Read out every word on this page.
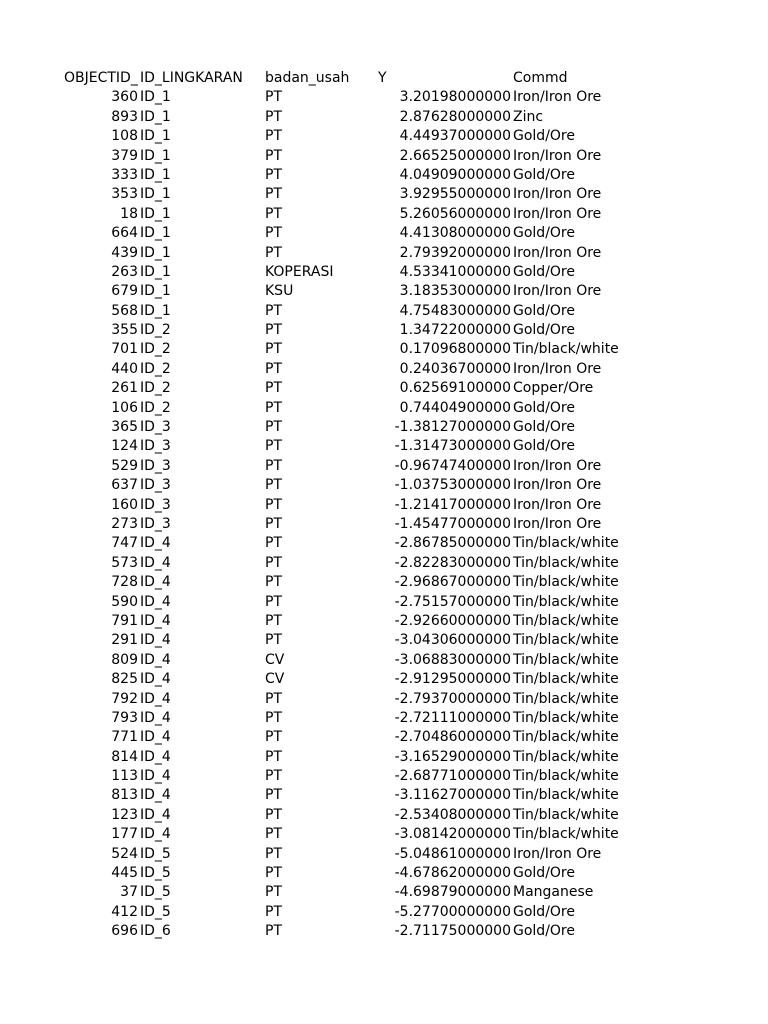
OBJECTID_ ID_LINGKARAN badan_usah Y	Commd
360 ID_1	PT	3.20198000000 Iron/Iron Ore
893 ID_1	PT	2.87628000000 Zinc
108 ID_1	PT	4.44937000000 Gold/Ore
379 ID_1	PT	2.66525000000 Iron/Iron Ore
333 ID_1	PT	4.04909000000 Gold/Ore
353 ID_1	PT	3.92955000000 Iron/Iron Ore
18 ID_1	PT	5.26056000000 Iron/Iron Ore
664 ID_1	PT	4.41308000000 Gold/Ore
439 ID_1	PT	2.79392000000 Iron/Iron Ore
263 ID_1	KOPERASI	4.53341000000 Gold/Ore
679 ID_1	KSU	3.18353000000 Iron/Iron Ore
568 ID_1	PT	4.75483000000 Gold/Ore
355 ID_2	PT	1.34722000000 Gold/Ore
701 ID_2	PT	0.17096800000 Tin/black/white
440 ID_2	PT	0.24036700000 Iron/Iron Ore
261 ID_2	PT	0.62569100000 Copper/Ore
106 ID_2	PT	0.74404900000 Gold/Ore
365 ID_3	PT	-1.38127000000 Gold/Ore
124 ID_3	PT	-1.31473000000 Gold/Ore
529 ID_3	PT	-0.96747400000 Iron/Iron Ore
637 ID_3	PT	-1.03753000000 Iron/Iron Ore
160 ID_3	PT	-1.21417000000 Iron/Iron Ore
273 ID_3	PT	-1.45477000000 Iron/Iron Ore
747 ID_4	PT	-2.86785000000 Tin/black/white
573 ID_4	PT	-2.82283000000 Tin/black/white
728 ID_4	PT	-2.96867000000 Tin/black/white
590 ID_4	PT	-2.75157000000 Tin/black/white
791 ID_4	PT	-2.92660000000 Tin/black/white
291 ID_4	PT	-3.04306000000 Tin/black/white
809 ID_4	CV	-3.06883000000 Tin/black/white
825 ID_4	CV	-2.91295000000 Tin/black/white
792 ID_4	PT	-2.79370000000 Tin/black/white
793 ID_4	PT	-2.72111000000 Tin/black/white
771 ID_4	PT	-2.70486000000 Tin/black/white
814 ID_4	PT	-3.16529000000 Tin/black/white
113 ID_4	PT	-2.68771000000 Tin/black/white
813 ID_4	PT	-3.11627000000 Tin/black/white
123 ID_4	PT	-2.53408000000 Tin/black/white
177 ID_4	PT	-3.08142000000 Tin/black/white
524 ID_5	PT	-5.04861000000 Iron/Iron Ore
445 ID_5	PT	-4.67862000000 Gold/Ore
37 ID_5	PT	-4.69879000000 Manganese
412 ID_5	PT	-5.27700000000 Gold/Ore
696 ID_6	PT	-2.71175000000 Gold/Ore
